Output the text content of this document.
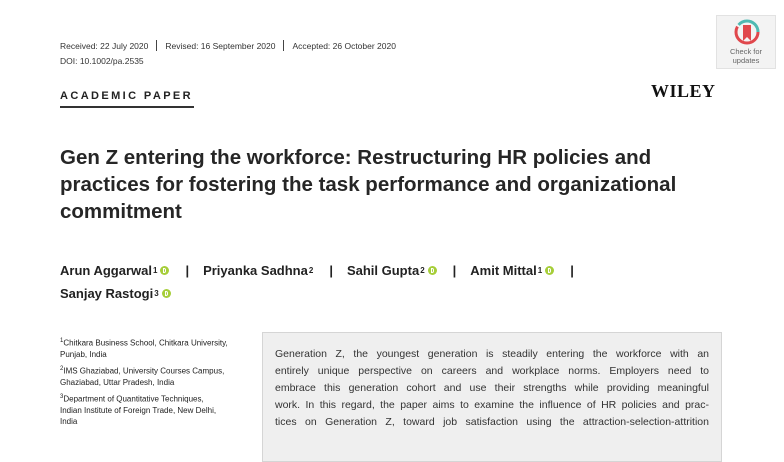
Received: 22 July 2020 Revised: 16 September 2020 Accepted: 26 October 2020
DOI: 10.1002/pa.2535
Check for
updates
ACADEMIC PAPER	WILEY
Gen Z entering the workforce: Restructuring HR policies and
practices for fostering the task performance and organizational
commitment
Arun Aggarwal 1 | Priyanka Sadhna 2 | Sahil Gupta 2 | Amit Mittal 1 |
Sanjay Rastogi 3
$^1$Chitkara Business School, Chitkara University,
Punjab, India
$^2$IMS Ghaziabad, University Courses Campus,
Ghaziabad, Uttar Pradesh, India
$^3$Department of Quantitative Techniques,
Indian Institute of Foreign Trade, New Delhi,
India

Generation Z, the youngest generation is steadily entering the workforce with an
entirely unique perspective on careers and workplace norms. Employers need to
embrace this generation cohort and use their strengths while providing meaningful
work. In this regard, the paper aims to examine the influence of HR policies and prac-
tices on Generation Z, toward job satisfaction using the attraction-selection-attrition
